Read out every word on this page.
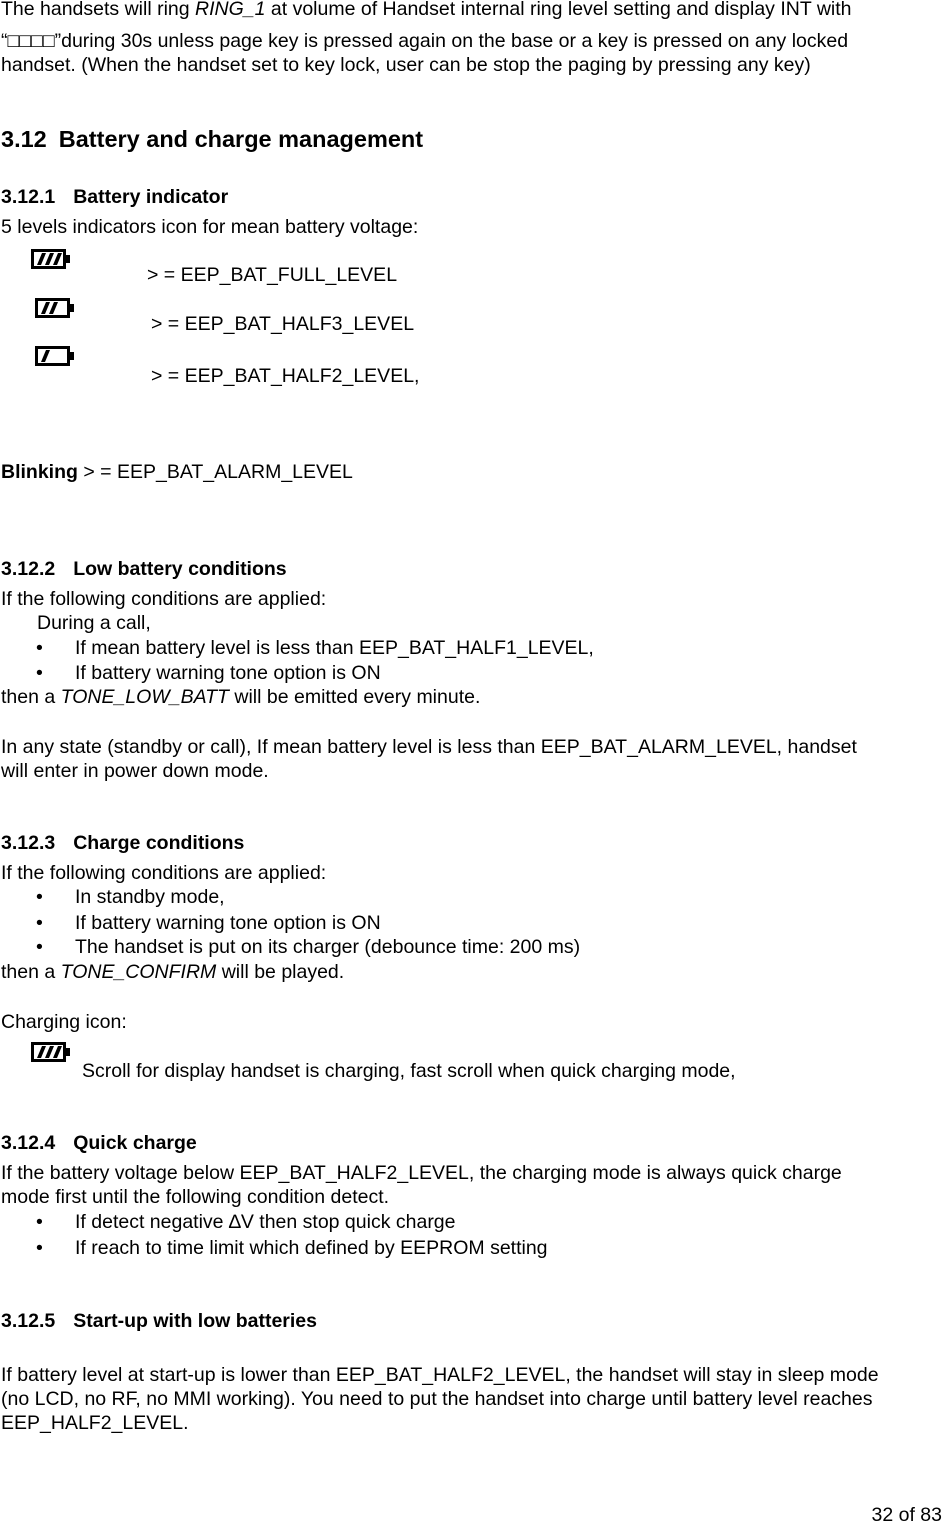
The handsets will ring RING_1 at volume of Handset internal ring level setting and display INT with
“□□□□”during 30s unless page key is pressed again on the base or a key is pressed on any locked
handset. (When the handset set to key lock, user can be stop the paging by pressing any key)
3.12 Battery and charge management
3.12.1 Battery indicator
5 levels indicators icon for mean battery voltage:
> = EEP_BAT_FULL_LEVEL
> = EEP_BAT_HALF3_LEVEL
> = EEP_BAT_HALF2_LEVEL,
Blinking > = EEP_BAT_ALARM_LEVEL
3.12.2 Low battery conditions
If the following conditions are applied:
During a call,
• If mean battery level is less than EEP_BAT_HALF1_LEVEL,
• If battery warning tone option is ON
then a TONE_LOW_BATT will be emitted every minute.
In any state (standby or call), If mean battery level is less than EEP_BAT_ALARM_LEVEL, handset
will enter in power down mode.
3.12.3 Charge conditions
If the following conditions are applied:
• In standby mode,
• If battery warning tone option is ON
• The handset is put on its charger (debounce time: 200 ms)
then a TONE_CONFIRM will be played.
Charging icon:
Scroll for display handset is charging, fast scroll when quick charging mode,
3.12.4 Quick charge
If the battery voltage below EEP_BAT_HALF2_LEVEL, the charging mode is always quick charge
mode first until the following condition detect.
• If detect negative ∆V then stop quick charge
• If reach to time limit which defined by EEPROM setting
3.12.5 Start-up with low batteries
If battery level at start-up is lower than EEP_BAT_HALF2_LEVEL, the handset will stay in sleep mode
(no LCD, no RF, no MMI working). You need to put the handset into charge until battery level reaches
EEP_HALF2_LEVEL.
32 of 83
